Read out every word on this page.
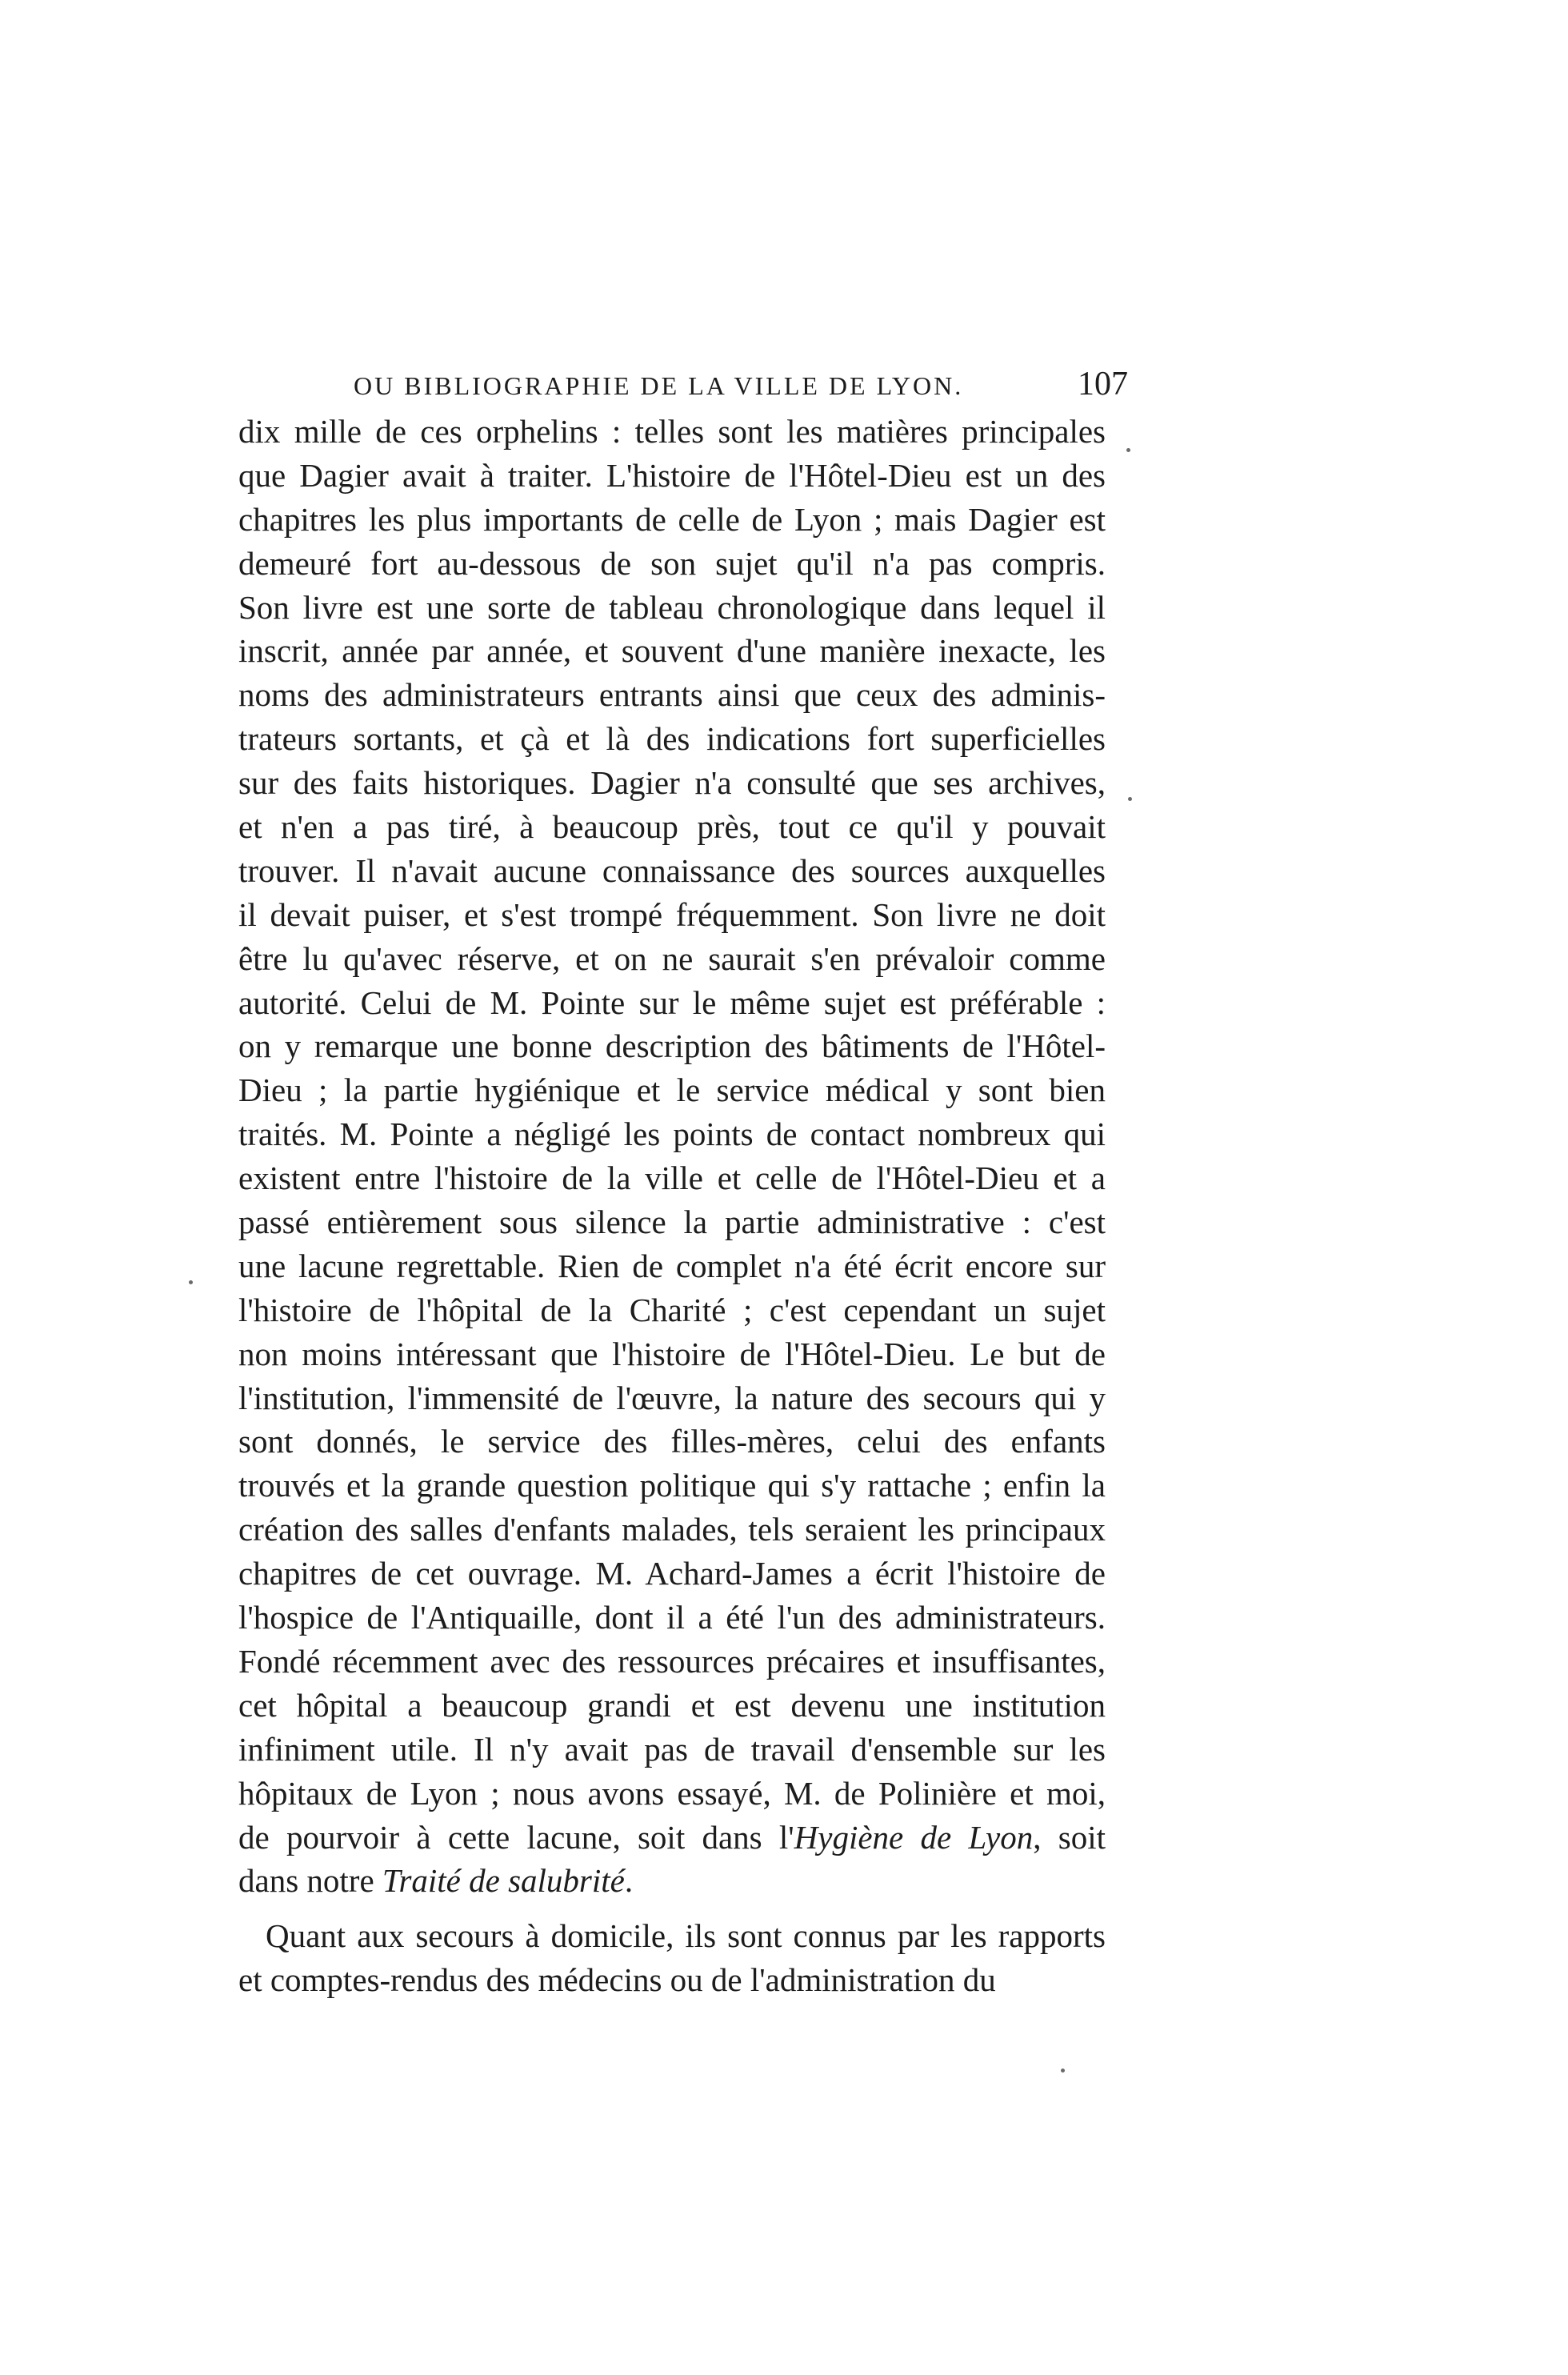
OU BIBLIOGRAPHIE DE LA VILLE DE LYON.	107
dix mille de ces orphelins : telles sont les matières principales
que Dagier avait à traiter. L'histoire de l'Hôtel-Dieu est un des
chapitres les plus importants de celle de Lyon ; mais Dagier est
demeuré fort au-dessous de son sujet qu'il n'a pas compris.
Son livre est une sorte de tableau chronologique dans lequel il
inscrit, année par année, et souvent d'une manière inexacte, les
noms des administrateurs entrants ainsi que ceux des adminis-
trateurs sortants, et çà et là des indications fort superficielles
sur des faits historiques. Dagier n'a consulté que ses archives,
et n'en a pas tiré, à beaucoup près, tout ce qu'il y pouvait
trouver. Il n'avait aucune connaissance des sources auxquelles
il devait puiser, et s'est trompé fréquemment. Son livre ne doit
être lu qu'avec réserve, et on ne saurait s'en prévaloir comme
autorité. Celui de M. Pointe sur le même sujet est préférable :
on y remarque une bonne description des bâtiments de l'Hôtel-
Dieu ; la partie hygiénique et le service médical y sont bien
traités. M. Pointe a négligé les points de contact nombreux qui
existent entre l'histoire de la ville et celle de l'Hôtel-Dieu et a
passé entièrement sous silence la partie administrative : c'est
une lacune regrettable. Rien de complet n'a été écrit encore sur
l'histoire de l'hôpital de la Charité ; c'est cependant un sujet
non moins intéressant que l'histoire de l'Hôtel-Dieu. Le but de
l'institution, l'immensité de l'œuvre, la nature des secours qui y
sont donnés, le service des filles-mères, celui des enfants
trouvés et la grande question politique qui s'y rattache ; enfin la
création des salles d'enfants malades, tels seraient les principaux
chapitres de cet ouvrage. M. Achard-James a écrit l'histoire de
l'hospice de l'Antiquaille, dont il a été l'un des administrateurs.
Fondé récemment avec des ressources précaires et insuffisantes,
cet hôpital a beaucoup grandi et est devenu une institution
infiniment utile. Il n'y avait pas de travail d'ensemble sur les
hôpitaux de Lyon ; nous avons essayé, M. de Polinière et moi,
de pourvoir à cette lacune, soit dans l'Hygiène de Lyon, soit
dans notre Traité de salubrité.
Quant aux secours à domicile, ils sont connus par les rapports
et comptes-rendus des médecins ou de l'administration du
